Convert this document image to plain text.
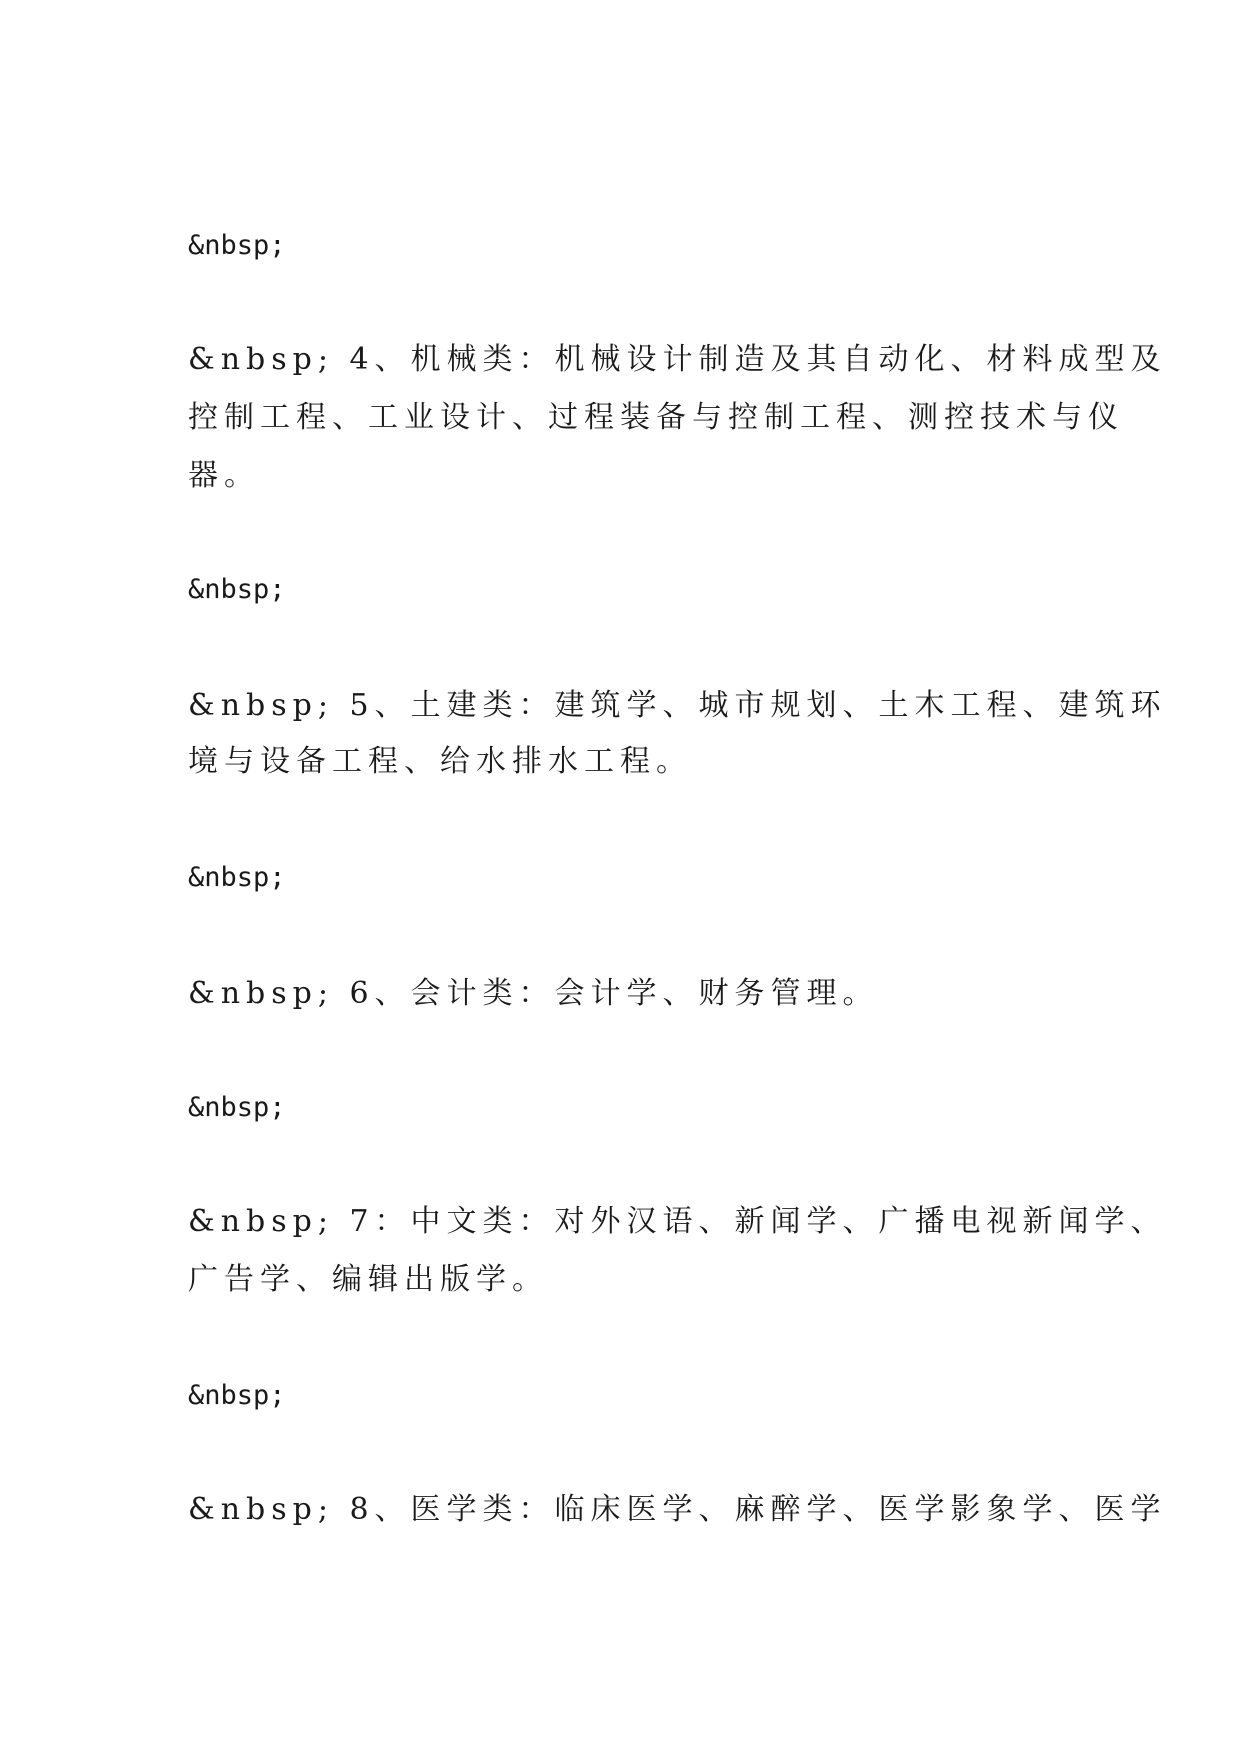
&nbsp;
&nbsp; 4、机械类：机械设计制造及其自动化、材料成型及
控制工程、工业设计、过程装备与控制工程、测控技术与仪
器。
&nbsp;
&nbsp; 5、土建类：建筑学、城市规划、土木工程、建筑环
境与设备工程、给水排水工程。
&nbsp;
&nbsp; 6、会计类：会计学、财务管理。
&nbsp;
&nbsp; 7：中文类：对外汉语、新闻学、广播电视新闻学、
广告学、编辑出版学。
&nbsp;
&nbsp; 8、医学类：临床医学、麻醉学、医学影象学、医学
